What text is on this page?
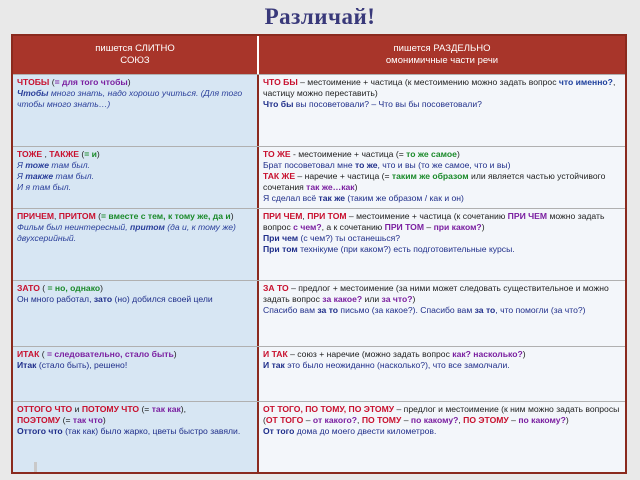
Различай!
пишется СЛИТНО
СОЮЗ
пишется РАЗДЕЛЬНО
омонимичные части речи

ЧТОБЫ (= для того чтобы)

Чтобы много знать, надо хорошо учиться. (Для того чтобы много знать…)

ЧТО БЫ – местоимение + частица (к местоимению можно задать вопрос что именно?, частицу можно переставить)

Что бы вы посоветовали? – Что вы бы посоветовали?

ТОЖЕ , ТАКЖЕ (= и)

Я тоже там был.

Я также там был.

И я там был.

ТО ЖЕ - местоимение + частица (= то же самое)

Брат посоветовал мне то же, что и вы (то же самое, что и вы)

ТАК ЖЕ – наречие + частица (= таким же образом или является частью устойчивого сочетания так же…как)

Я сделал всё так же (таким же образом / как и он)

ПРИЧЕМ, ПРИТОМ (= вместе с тем, к тому же, да и)

Фильм был неинтересный, притом (да и, к тому же) двухсерийный.

ПРИ ЧЕМ, ПРИ ТОМ – местоимение + частица (к сочетанию ПРИ ЧЕМ можно задать вопрос с чем?, а к сочетанию ПРИ ТОМ – при каком?)

При чем (с чем?) ты останешься?

При том технікуме (при каком?) есть подготовительные курсы.

ЗАТО ( = но, однако)

Он много работал, зато (но) добился своей цели

ЗА ТО – предлог + местоимение (за ними может следовать существительное и можно задать вопрос за какое? или за что?)

Спасибо вам за то письмо (за какое?). Спасибо вам за то, что помогли (за что?)

ИТАК ( = следовательно, стало быть)

Итак (стало быть), решено!

И ТАК – союз + наречие (можно задать вопрос как? насколько?)

И так это было неожиданно (насколько?), что все замолчали.

ОТТОГО ЧТО и ПОТОМУ ЧТО (= так как),

ПОЭТОМУ (= так что)

Оттого что (так как) было жарко, цветы быстро завяли.

ОТ ТОГО, ПО ТОМУ, ПО ЭТОМУ – предлог и местоимение (к ним можно задать вопросы (ОТ ТОГО – от какого?, ПО ТОМУ – по какому?, ПО ЭТОМУ – по какому?)

От того дома до моего двести километров.
